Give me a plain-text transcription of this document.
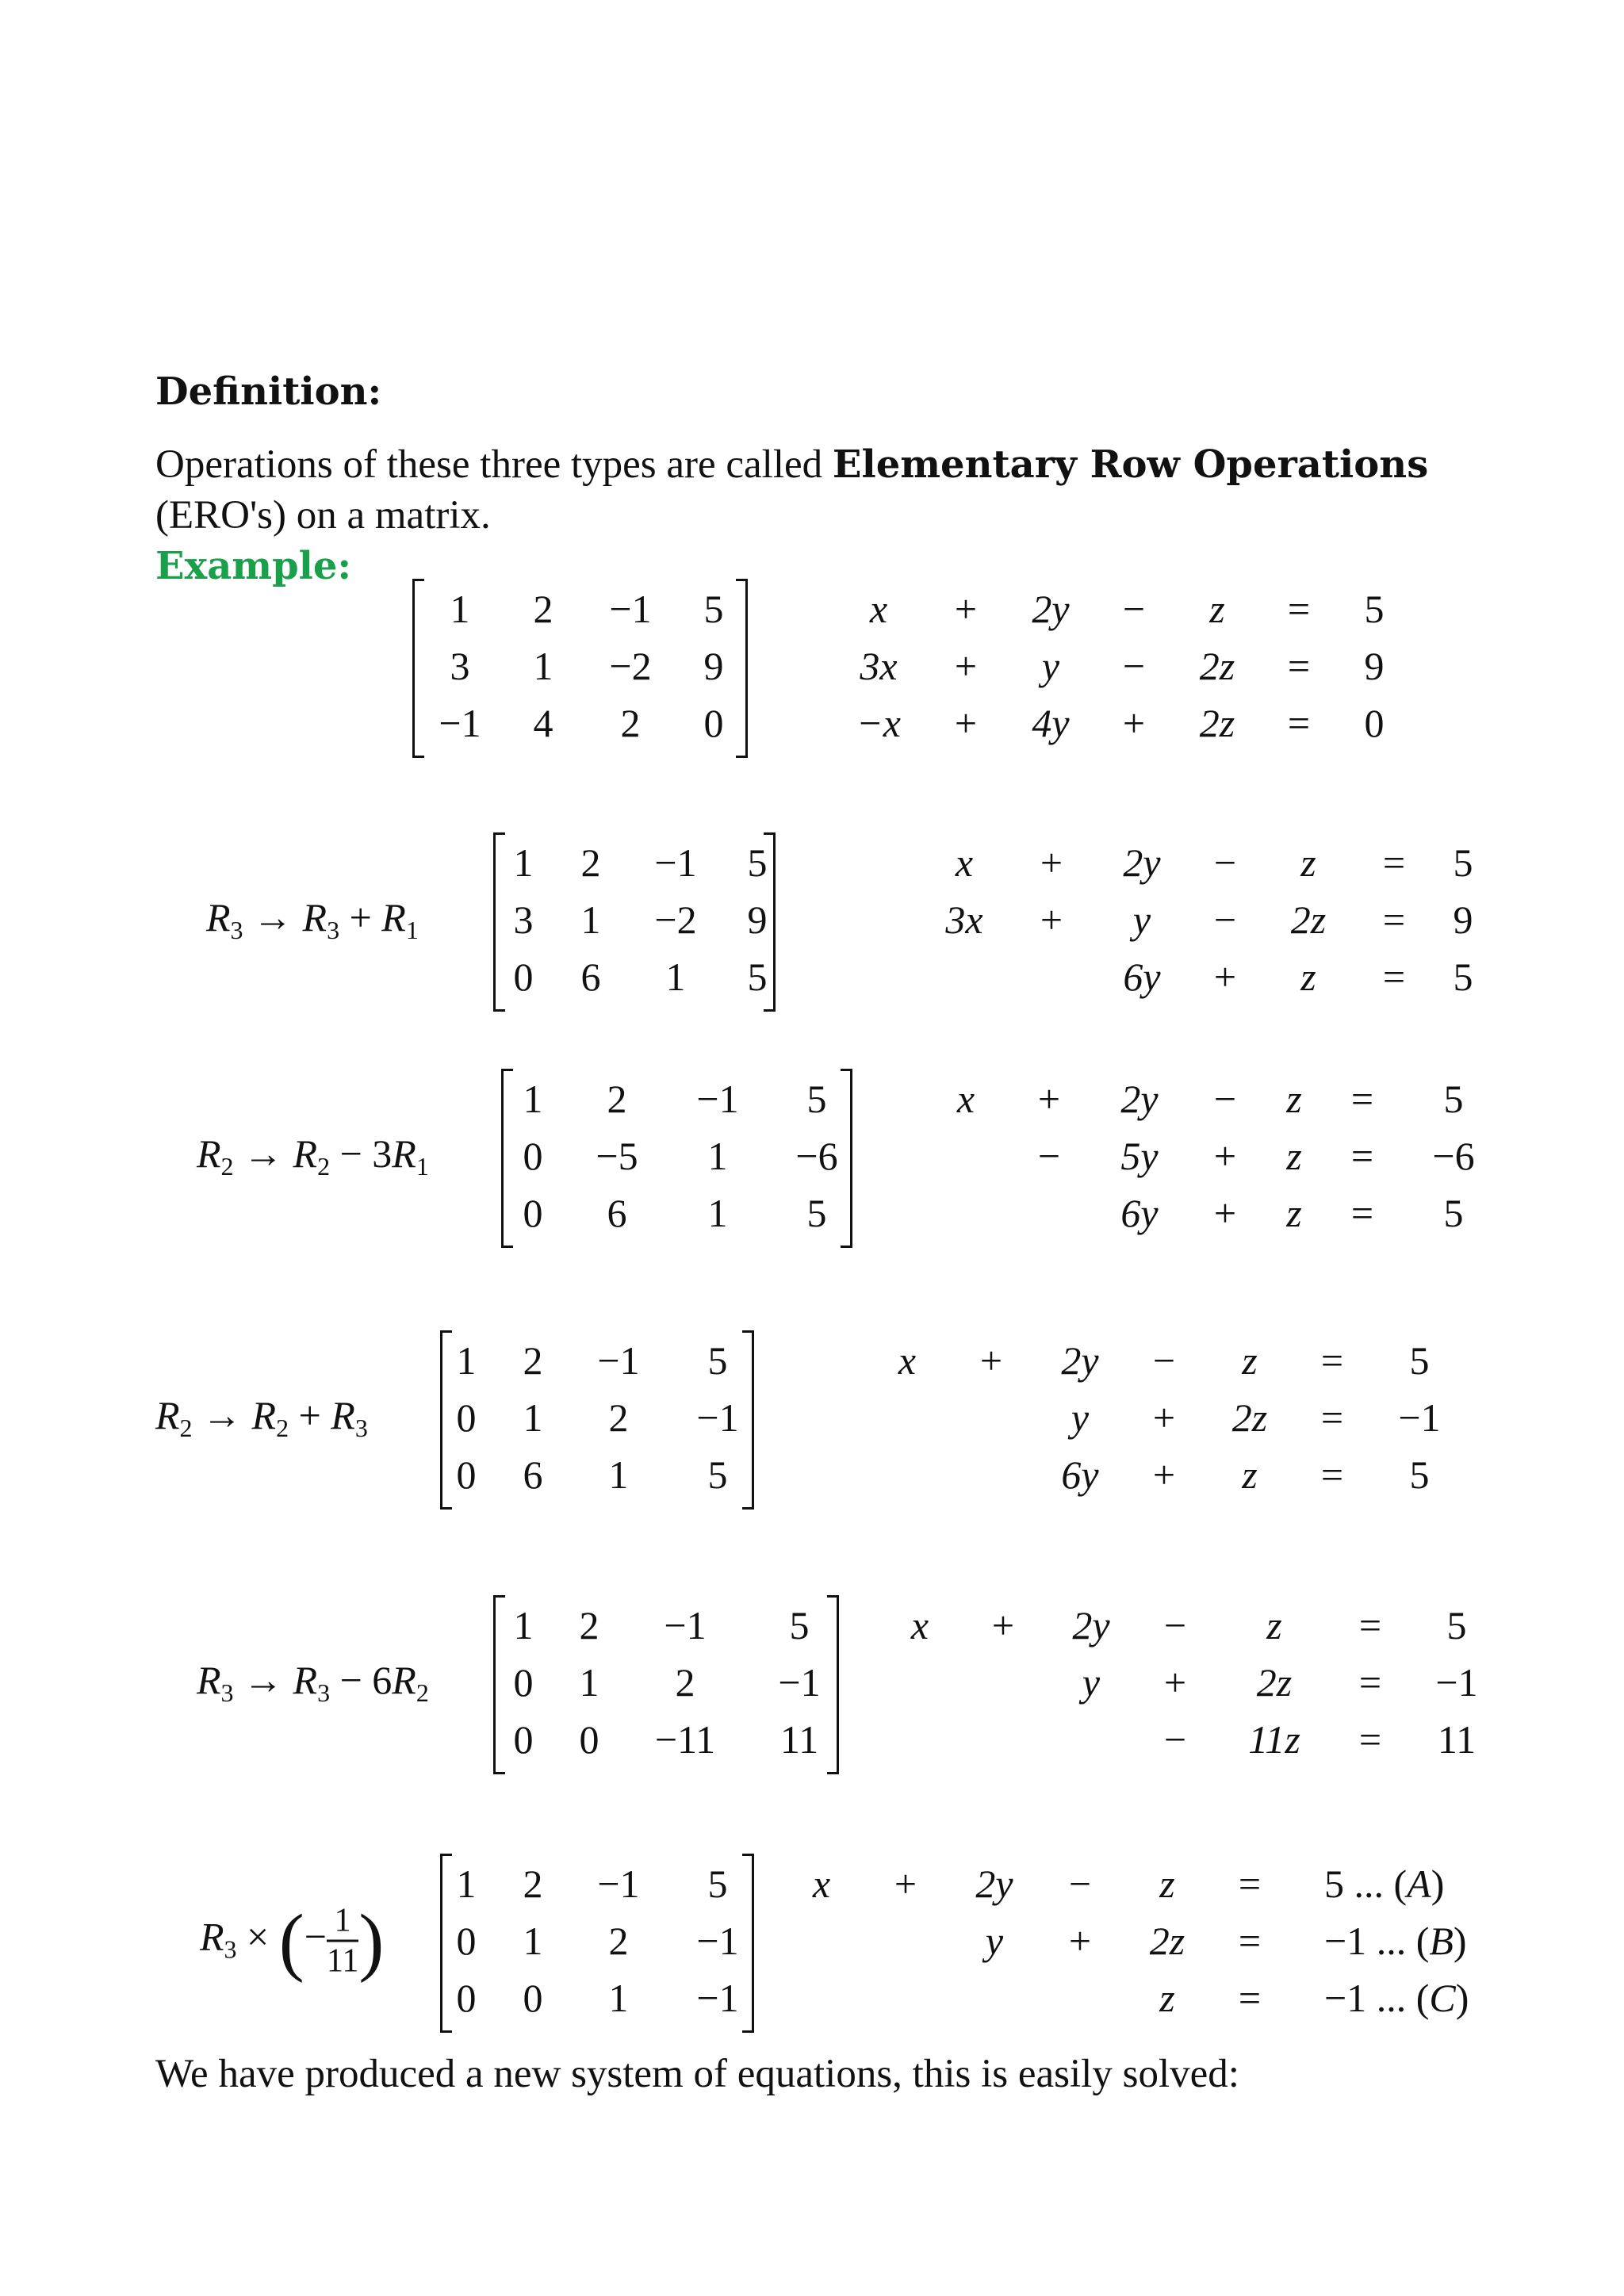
Definition:
Operations of these three types are called Elementary Row Operations
(ERO's) on a matrix.
Example:
1 2 −1 5
3 1 −2 9
−1 4 2 0
x + 2y − z = 5
3x + y − 2z = 9
−x + 4y + 2z = 0
$R_3 \to R_3 + R_1$
1 2 −1 5
3 1 −2 9
0 6 1 5
x + 2y − z = 5
3x + y − 2z = 9
6y + z = 5
$R_2 \to R_2 - 3R_1$
1 2 −1 5
0 −5 1 −6
0 6 1 5
x + 2y − z = 5
− 5y + z = −6
6y + z = 5
$R_2 \to R_2 + R_3$
1 2 −1 5
0 1 2 −1
0 6 1 5
x + 2y − z = 5
y + 2z = −1
6y + z = 5
$R_3 \to R_3 - 6R_2$
1 2 −1 5
0 1 2 −1
0 0 −11 11
x + 2y − z = 5
y + 2z = −1
− 11z = 11
$R_3$ × (− $\frac{1}{11}$ )
1 2 −1 5
0 1 2 −1
0 0 1 −1
x + 2y − z = 5 ... (A)
y + 2z = −1 ... (B)
z = −1 ... (C)
We have produced a new system of equations, this is easily solved:
